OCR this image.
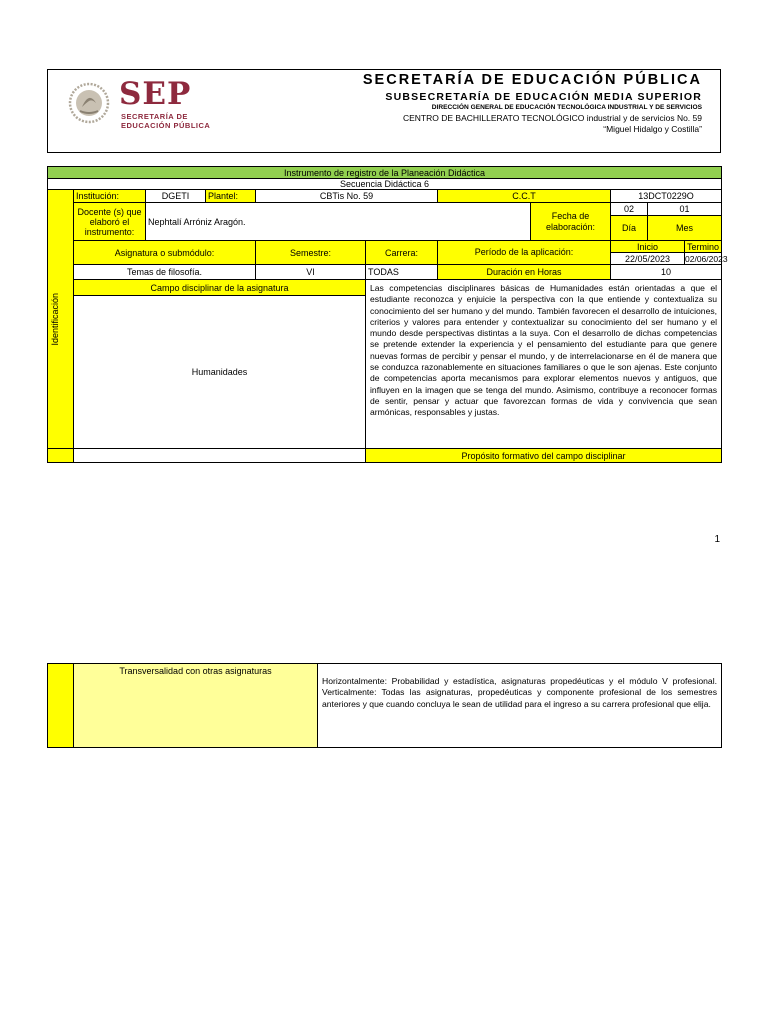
SEP
SECRETARÍA DE
EDUCACIÓN PÚBLICA
SECRETARÍA DE EDUCACIÓN PÚBLICA
SUBSECRETARÍA DE EDUCACIÓN MEDIA SUPERIOR
DIRECCIÓN GENERAL DE EDUCACIÓN TECNOLÓGICA INDUSTRIAL Y DE SERVICIOS
CENTRO DE BACHILLERATO TECNOLÓGICO industrial y de servicios No. 59
“Miguel Hidalgo y Costilla”
Instrumento de registro de la Planeación Didáctica											
Secuencia Didáctica 6											

Identificación	Institución:	DGETI	Plantel:	CBTis No. 59		C.C.T		13DCT0229O			
	Docente (s) que elaboró el instrumento:	Nephtalí Arróniz Aragón.					Fecha de elaboración:	02	01	
								Día	Mes	

	Asignatura o submódulo:			Semestre:	Carrera:	Período de la aplicación:		Inicio		Termino	
								22/05/2023		02/06/2023	
	Temas de filosofía.			VI	TODAS	Duración en Horas		10			
	Campo disciplinar de la asignatura				Las competencias disciplinares básicas de Humanidades están orientadas a que el estudiante reconozca y enjuicie la perspectiva con la que entiende y contextualiza su conocimiento del ser humano y del mundo. También favorecen el desarrollo de intuiciones, criterios y valores para entender y contextualizar su conocimiento del ser humano y el mundo desde perspectivas distintas a la suya. Con el desarrollo de dichas competencias se pretende extender la experiencia y el pensamiento del estudiante para que genere nuevas formas de percibir y pensar el mundo, y de interrelacionarse en él de manera que se conduzca razonablemente en situaciones familiares o que le son ajenas. Este conjunto de competencias aporta mecanismos para explorar elementos nuevos y antiguos, que influyen en la imagen que se tenga del mundo. Asimismo, contribuye a reconocer formas de sentir, pensar y actuar que favorezcan formas de vida y convivencia que sean armónicas, responsables y justas.						
	Humanidades										
					Propósito formativo del campo disciplinar						
1
	Transversalidad con otras asignaturas	Horizontalmente: Probabilidad y estadística, asignaturas propedéuticas y el módulo V profesional. Verticalmente: Todas las asignaturas, propedéuticas y componente profesional de los semestres anteriores y que cuando concluya le sean de utilidad para el ingreso a su carrera profesional que elija.
